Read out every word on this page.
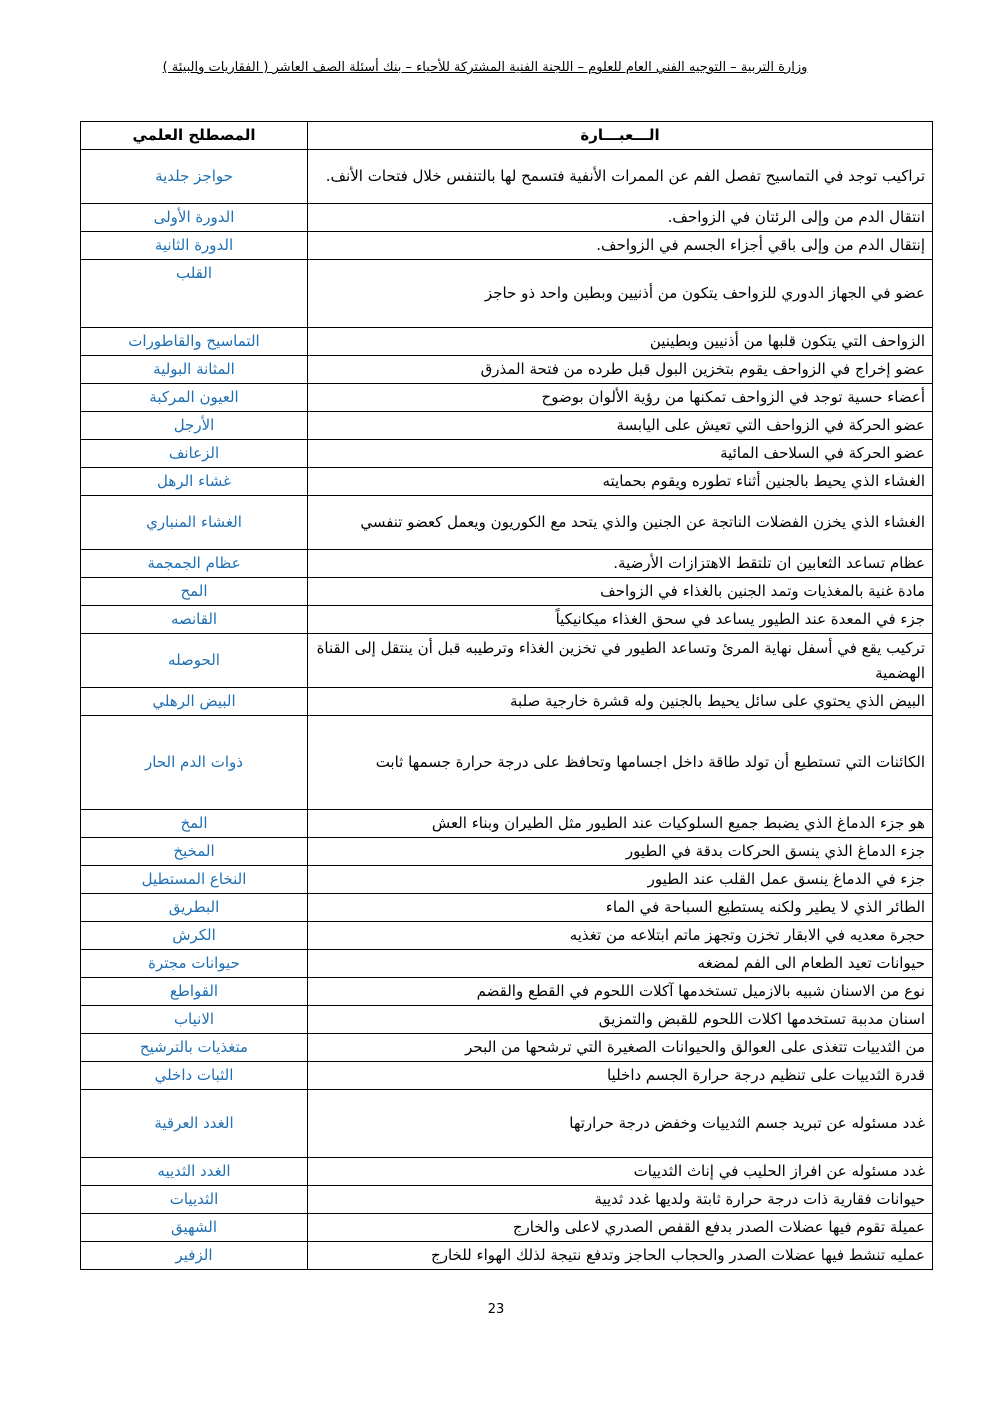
وزارة التربية – التوجيه الفني العام للعلوم – اللجنة الفنية المشتركة للأحياء – بنك أسئلة الصف العاشر ( الفقاريات والبيئة )
الـــعبـــارة	المصطلح العلمي
تراكيب توجد في التماسيح تفصل الفم عن الممرات الأنفية فتسمح لها بالتنفس خلال فتحات الأنف.	حواجز جلدية
انتقال الدم من وإلى الرئتان في الزواحف.	الدورة الأولى
إنتقال الدم من وإلى باقي أجزاء الجسم في الزواحف.	الدورة الثانية
عضو في الجهاز الدوري للزواحف يتكون من أذنيين وبطين واحد ذو حاجز	القلب
الزواحف التي يتكون قلبها من أذنيين وبطينين	التماسيح والقاطورات
عضو إخراج في الزواحف يقوم بتخزين البول قبل طرده من فتحة المذرق	المثانة البولية
أعضاء حسية توجد في الزواحف تمكنها من رؤية الألوان بوضوح	العيون المركبة
عضو الحركة في الزواحف التي تعيش على اليابسة	الأرجل
عضو الحركة في السلاحف المائية	الزعانف
الغشاء الذي يحيط بالجنين أثناء تطوره ويقوم بحمايته	غشاء الرهل
الغشاء الذي يخزن الفضلات الناتجة عن الجنين والذي يتحد مع الكوريون ويعمل كعضو تنفسي	الغشاء المنباري
عظام تساعد الثعابين ان تلتقط الاهتزازات الأرضية.	عظام الجمجمة
مادة غنية بالمغذيات وتمد الجنين بالغذاء في الزواحف	المح
جزء في المعدة عند الطيور يساعد في سحق الغذاء ميكانيكياً	القانصه
تركيب يقع في أسفل نهاية المرئ وتساعد الطيور في تخزين الغذاء وترطيبه قبل أن ينتقل إلى القناة الهضمية	الحوصله
البيض الذي يحتوي على سائل يحيط بالجنين وله قشرة خارجية صلبة	البيض الرهلي
الكائنات التي تستطيع أن تولد طاقة داخل اجسامها وتحافظ على درجة حرارة جسمها ثابت	ذوات الدم الحار
هو جزء الدماغ الذي يضبط جميع السلوكيات عند الطيور مثل الطيران وبناء العش	المخ
جزء الدماغ الذي ينسق الحركات بدقة في الطيور	المخيخ
جزء في الدماغ ينسق عمل القلب عند الطيور	النخاع المستطيل
الطائر الذي لا يطير ولكنه يستطيع السباحة في الماء	البطريق
حجرة معديه في الابقار تخزن وتجهز ماتم ابتلاعه من تغذيه	الكرش
حيوانات تعيد الطعام الى الفم لمضغه	حيوانات مجترة
نوع من الاسنان شبيه بالازميل تستخدمها آكلات اللحوم في القطع والقضم	القواطع
اسنان مدببة تستخدمها اكلات اللحوم للقبض والتمزيق	الانياب
من الثدييات تتغذى على العوالق والحيوانات الصغيرة التي ترشحها من البحر	متغذيات بالترشيح
قدرة الثدييات على تنظيم درجة حرارة الجسم داخليا	الثبات داخلي
غدد مسئوله عن تبريد جسم الثدييات وخفض درجة حرارتها	الغدد العرقية
غدد مسئوله عن افراز الحليب في إناث الثدييات	الغدد الثدييه
حيوانات فقارية ذات درجة حرارة ثابتة ولديها غدد ثديية	الثدييات
عميلة تقوم فيها عضلات الصدر بدفع القفص الصدري لاعلى والخارج	الشهيق
عمليه تنشط فيها عضلات الصدر والحجاب الحاجز وتدفع نتيجة لذلك الهواء للخارج	الزفير
23
